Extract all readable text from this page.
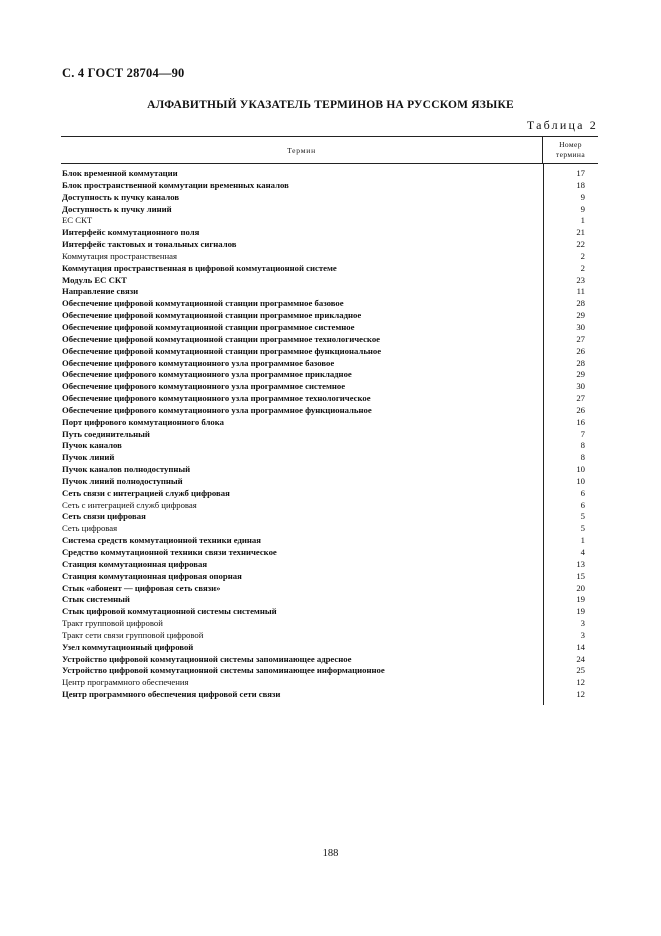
С. 4 ГОСТ 28704—90
АЛФАВИТНЫЙ УКАЗАТЕЛЬ ТЕРМИНОВ НА РУССКОМ ЯЗЫКЕ
Таблица 2
Термин
Номер
термина
Блок временной коммутации	17
Блок пространственной коммутации временных каналов	18
Доступность к пучку каналов	9
Доступность к пучку линий	9
ЕС СКТ	1
Интерфейс коммутационного поля	21
Интерфейс тактовых и тональных сигналов	22
Коммутация пространственная	2
Коммутация пространственная в цифровой коммутационной системе	2
Модуль ЕС СКТ	23
Направление связи	11
Обеспечение цифровой коммутационной станции программное базовое	28
Обеспечение цифровой коммутационной станции программное прикладное	29
Обеспечение цифровой коммутационной станции программное системное	30
Обеспечение цифровой коммутационной станции программное технологическое	27
Обеспечение цифровой коммутационной станции программное функциональное	26
Обеспечение цифрового коммутационного узла программное базовое	28
Обеспечение цифрового коммутационного узла программное прикладное	29
Обеспечение цифрового коммутационного узла программное системное	30
Обеспечение цифрового коммутационного узла программное технологическое	27
Обеспечение цифрового коммутационного узла программное функциональное	26
Порт цифрового коммутационного блока	16
Путь соединительный	7
Пучок каналов	8
Пучок линий	8
Пучок каналов полнодоступный	10
Пучок линий полнодоступный	10
Сеть связи с интеграцией служб цифровая	6
Сеть с интеграцией служб цифровая	6
Сеть связи цифровая	5
Сеть цифровая	5
Система средств коммутационной техники единая	1
Средство коммутационной техники связи техническое	4
Станция коммутационная цифровая	13
Станция коммутационная цифровая опорная	15
Стык «абонент — цифровая сеть связи»	20
Стык системный	19
Стык цифровой коммутационной системы системный	19
Тракт групповой цифровой	3
Тракт сети связи групповой цифровой	3
Узел коммутационный цифровой	14
Устройство цифровой коммутационной системы запоминающее адресное	24
Устройство цифровой коммутационной системы запоминающее информационное	25
Центр программного обеспечения	12
Центр программного обеспечения цифровой сети связи	12
188
